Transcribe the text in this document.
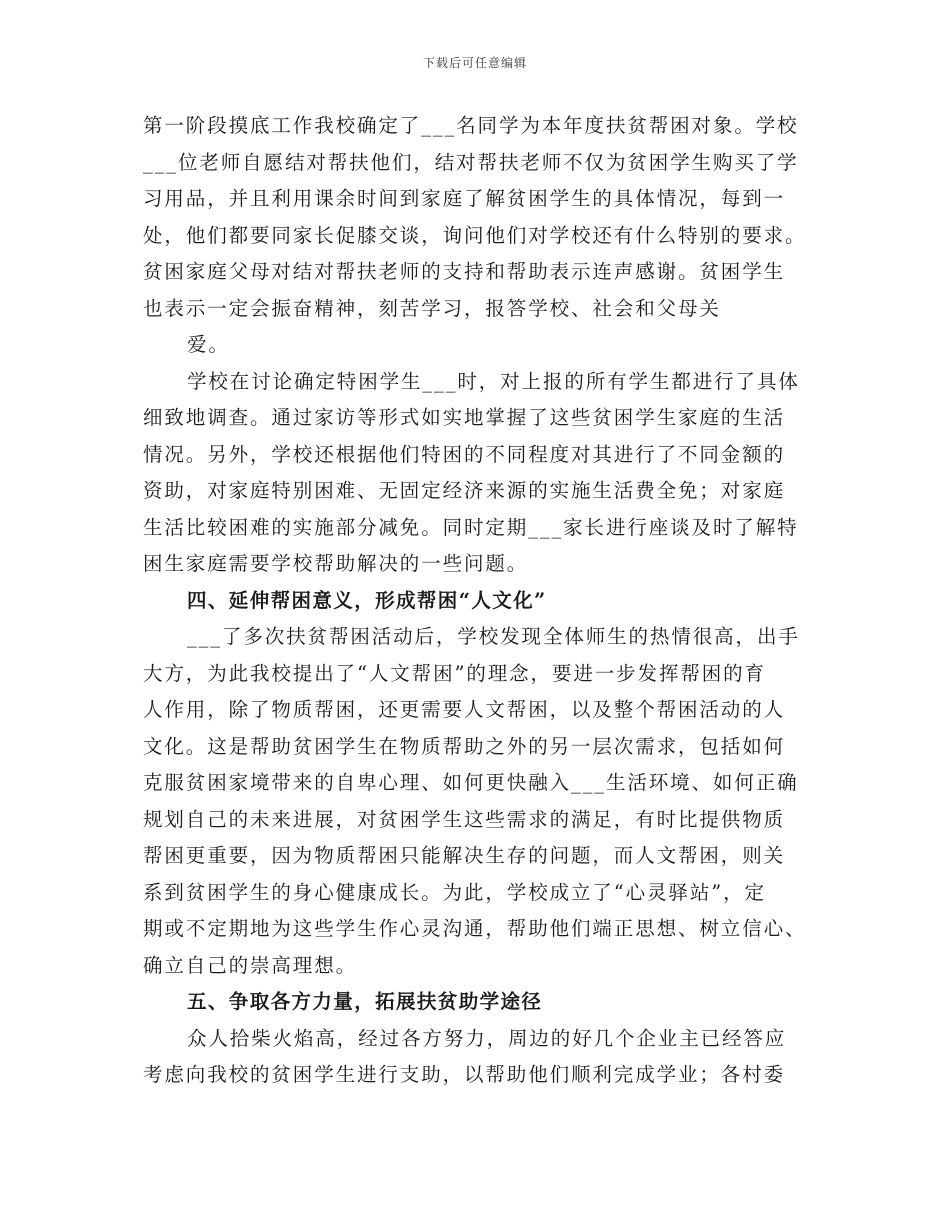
下载后可任意编辑
第一阶段摸底工作我校确定了___名同学为本年度扶贫帮困对象。学校
___位老师自愿结对帮扶他们，结对帮扶老师不仅为贫困学生购买了学
习用品，并且利用课余时间到家庭了解贫困学生的具体情况，每到一
处，他们都要同家长促膝交谈，询问他们对学校还有什么特别的要求。
贫困家庭父母对结对帮扶老师的支持和帮助表示连声感谢。贫困学生
也表示一定会振奋精神，刻苦学习，报答学校、社会和父母关
爱。
学校在讨论确定特困学生___时，对上报的所有学生都进行了具体
细致地调查。通过家访等形式如实地掌握了这些贫困学生家庭的生活
情况。另外，学校还根据他们特困的不同程度对其进行了不同金额的
资助，对家庭特别困难、无固定经济来源的实施生活费全免；对家庭
生活比较困难的实施部分减免。同时定期___家长进行座谈及时了解特
困生家庭需要学校帮助解决的一些问题。
四、延伸帮困意义，形成帮困“人文化”
___了多次扶贫帮困活动后，学校发现全体师生的热情很高，出手
大方，为此我校提出了“人文帮困”的理念，要进一步发挥帮困的育
人作用，除了物质帮困，还更需要人文帮困，以及整个帮困活动的人
文化。这是帮助贫困学生在物质帮助之外的另一层次需求，包括如何
克服贫困家境带来的自卑心理、如何更快融入___生活环境、如何正确
规划自己的未来进展，对贫困学生这些需求的满足，有时比提供物质
帮困更重要，因为物质帮困只能解决生存的问题，而人文帮困，则关
系到贫困学生的身心健康成长。为此，学校成立了“心灵驿站”，定
期或不定期地为这些学生作心灵沟通，帮助他们端正思想、树立信心、
确立自己的崇高理想。
五、争取各方力量，拓展扶贫助学途径
众人拾柴火焰高，经过各方努力，周边的好几个企业主已经答应
考虑向我校的贫困学生进行支助，以帮助他们顺利完成学业；各村委
